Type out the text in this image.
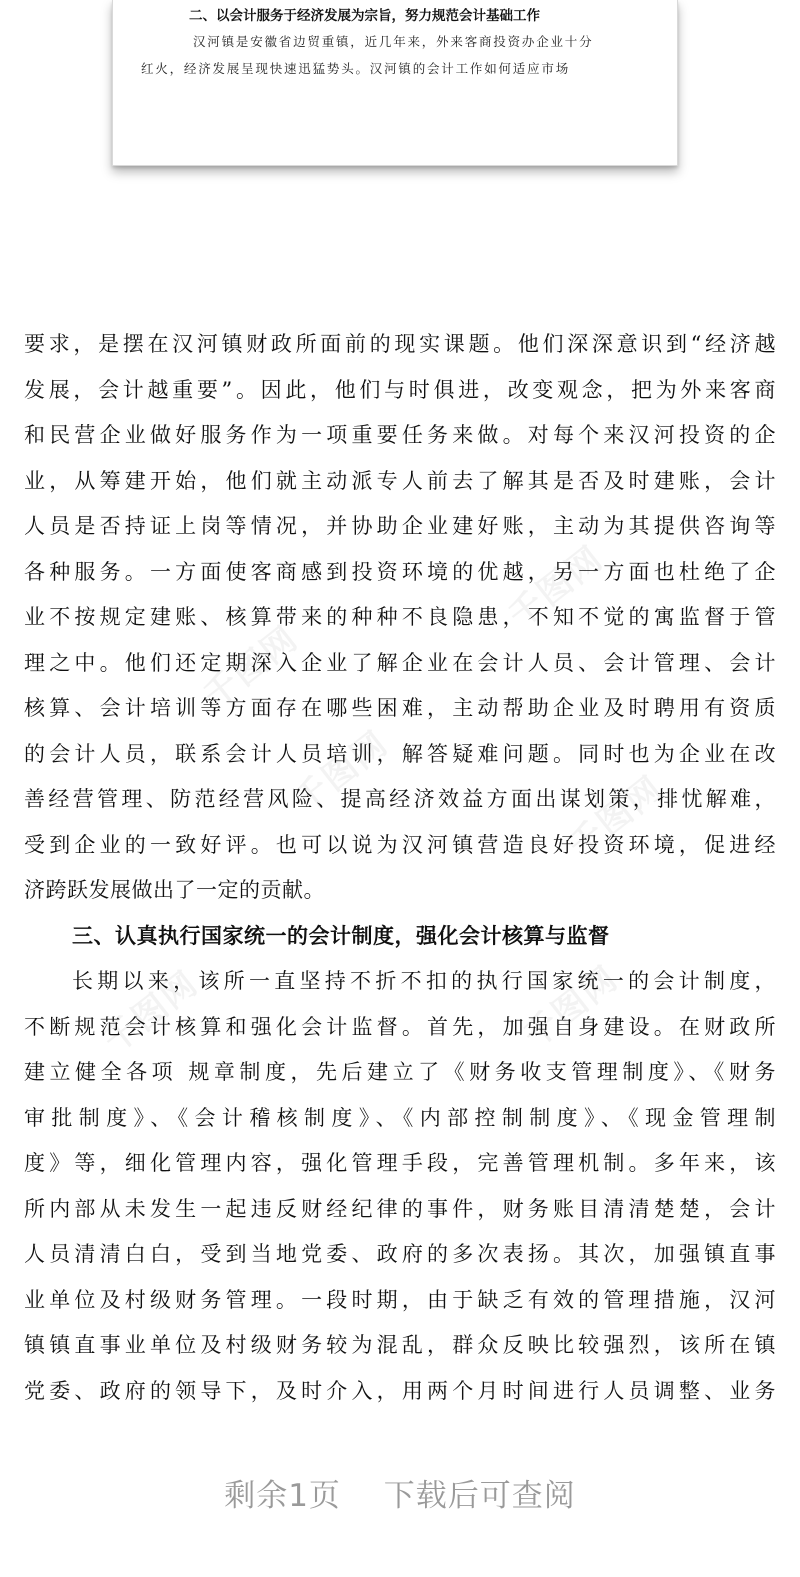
二、以会计服务于经济发展为宗旨，努力规范会计基础工作
汉河镇是安徽省边贸重镇，近几年来，外来客商投资办企业十分
红火，经济发展呈现快速迅猛势头。汉河镇的会计工作如何适应市场
千图网
千图网
千图网	千图网
千图网	千图网
要求，是摆在汉河镇财政所面前的现实课题。他们深深意识到“经济越
发展，会计越重要”。因此，他们与时俱进，改变观念，把为外来客商
和民营企业做好服务作为一项重要任务来做。对每个来汉河投资的企
业，从筹建开始，他们就主动派专人前去了解其是否及时建账，会计
人员是否持证上岗等情况，并协助企业建好账，主动为其提供咨询等
各种服务。一方面使客商感到投资环境的优越，另一方面也杜绝了企
业不按规定建账、核算带来的种种不良隐患，不知不觉的寓监督于管
理之中。他们还定期深入企业了解企业在会计人员、会计管理、会计
核算、会计培训等方面存在哪些困难，主动帮助企业及时聘用有资质
的会计人员，联系会计人员培训，解答疑难问题。同时也为企业在改
善经营管理、防范经营风险、提高经济效益方面出谋划策，排忧解难，
受到企业的一致好评。也可以说为汉河镇营造良好投资环境，促进经
济跨跃发展做出了一定的贡献。
三、认真执行国家统一的会计制度，强化会计核算与监督
长期以来，该所一直坚持不折不扣的执行国家统一的会计制度，
不断规范会计核算和强化会计监督。首先，加强自身建设。在财政所
建立健全各项 规章制度，先后建立了《财务收支管理制度》、《财务
审批制度》、《会计稽核制度》、《内部控制制度》、《现金管理制
度》等，细化管理内容，强化管理手段，完善管理机制。多年来，该
所内部从未发生一起违反财经纪律的事件，财务账目清清楚楚，会计
人员清清白白，受到当地党委、政府的多次表扬。其次，加强镇直事
业单位及村级财务管理。一段时期，由于缺乏有效的管理措施，汉河
镇镇直事业单位及村级财务较为混乱，群众反映比较强烈，该所在镇
党委、政府的领导下，及时介入，用两个月时间进行人员调整、业务
剩余1页 下载后可查阅
